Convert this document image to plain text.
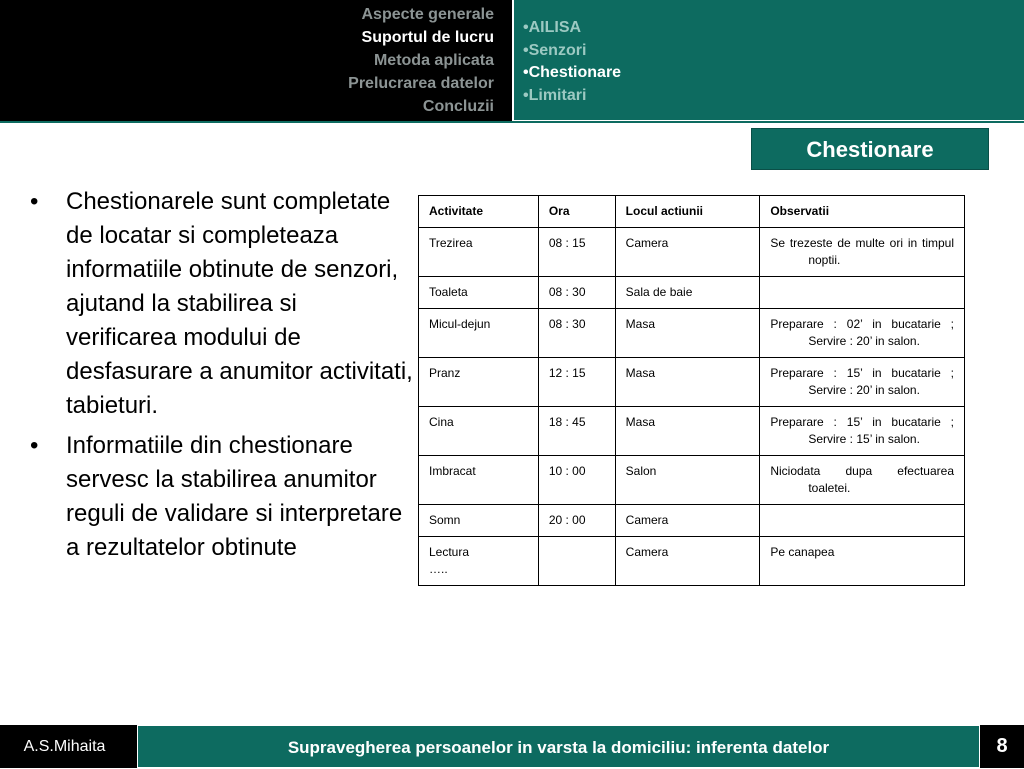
Aspecte generale
Suportul de lucru
Metoda aplicata
Prelucrarea datelor
Concluzii
•AILISA
•Senzori
•Chestionare
•Limitari
Chestionare
• Chestionarele sunt completate de locatar si completeaza informatiile obtinute de senzori, ajutand la stabilirea si verificarea modului de desfasurare a anumitor activitati, tabieturi.
• Informatiile din chestionare servesc la stabilirea anumitor reguli de validare si interpretare a rezultatelor obtinute
Activitate	Ora	Locul actiunii	Observatii
Trezirea	08 : 15	Camera	Se trezeste de multe ori in timpul noptii.
Toaleta	08 : 30	Sala de baie	
Micul-dejun	08 : 30	Masa	Preparare : 02’ in bucatarie ; Servire : 20’ in salon.
Pranz	12 : 15	Masa	Preparare : 15’ in bucatarie ; Servire : 20’ in salon.
Cina	18 : 45	Masa	Preparare : 15’ in bucatarie ; Servire : 15’ in salon.
Imbracat	10 : 00	Salon	Niciodata dupa efectuarea toaletei.
Somn	20 : 00	Camera	
Lectura
…..		Camera	Pe canapea
A.S.Mihaita	Supravegherea persoanelor in varsta la domiciliu: inferenta datelor	8
